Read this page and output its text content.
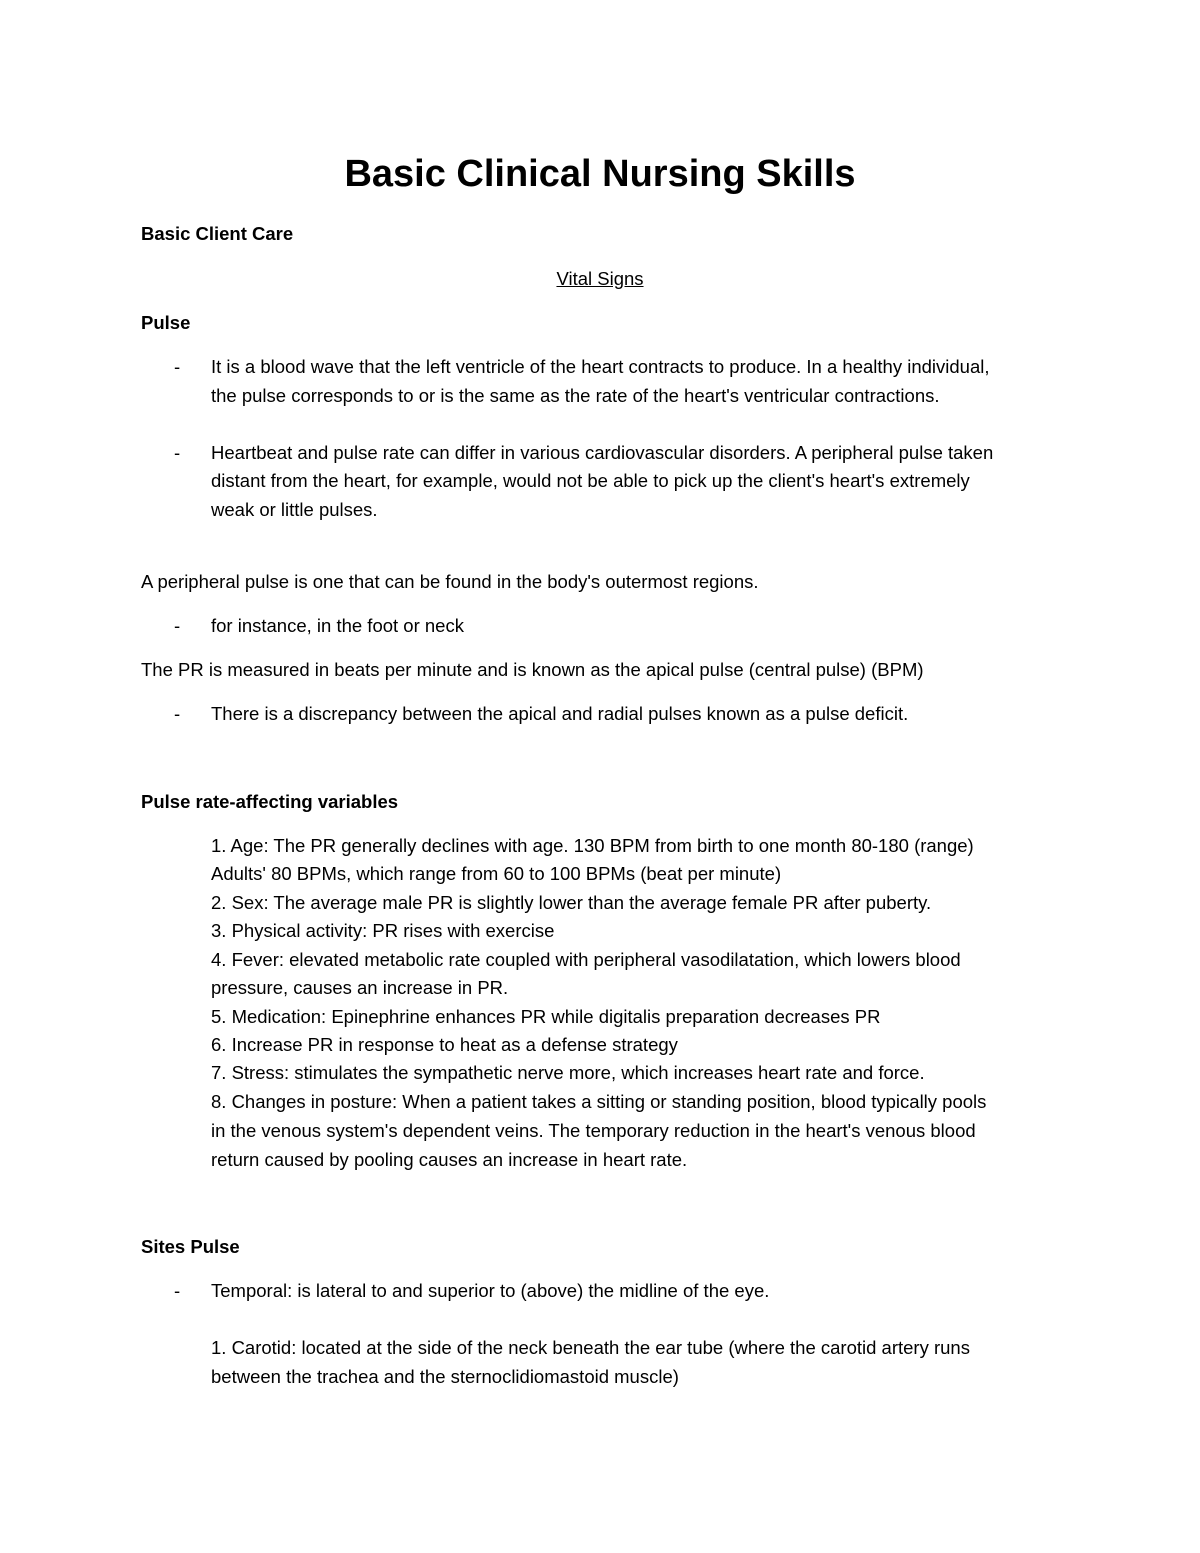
Basic Clinical Nursing Skills

Basic Client Care

Vital Signs

Pulse

- It is a blood wave that the left ventricle of the heart contracts to produce. In a healthy individual,

the pulse corresponds to or is the same as the rate of the heart's ventricular contractions.

- Heartbeat and pulse rate can differ in various cardiovascular disorders. A peripheral pulse taken

distant from the heart, for example, would not be able to pick up the client's heart's extremely

weak or little pulses.

A peripheral pulse is one that can be found in the body's outermost regions.

- for instance, in the foot or neck

The PR is measured in beats per minute and is known as the apical pulse (central pulse) (BPM)

- There is a discrepancy between the apical and radial pulses known as a pulse deficit.

Pulse rate-affecting variables

1. Age: The PR generally declines with age. 130 BPM from birth to one month 80-180 (range)

Adults' 80 BPMs, which range from 60 to 100 BPMs (beat per minute)

2. Sex: The average male PR is slightly lower than the average female PR after puberty.

3. Physical activity: PR rises with exercise

4. Fever: elevated metabolic rate coupled with peripheral vasodilatation, which lowers blood

pressure, causes an increase in PR.

5. Medication: Epinephrine enhances PR while digitalis preparation decreases PR

6. Increase PR in response to heat as a defense strategy

7. Stress: stimulates the sympathetic nerve more, which increases heart rate and force.

8. Changes in posture: When a patient takes a sitting or standing position, blood typically pools

in the venous system's dependent veins. The temporary reduction in the heart's venous blood

return caused by pooling causes an increase in heart rate.

Sites Pulse

- Temporal: is lateral to and superior to (above) the midline of the eye.

1. Carotid: located at the side of the neck beneath the ear tube (where the carotid artery runs

between the trachea and the sternoclidiomastoid muscle)
